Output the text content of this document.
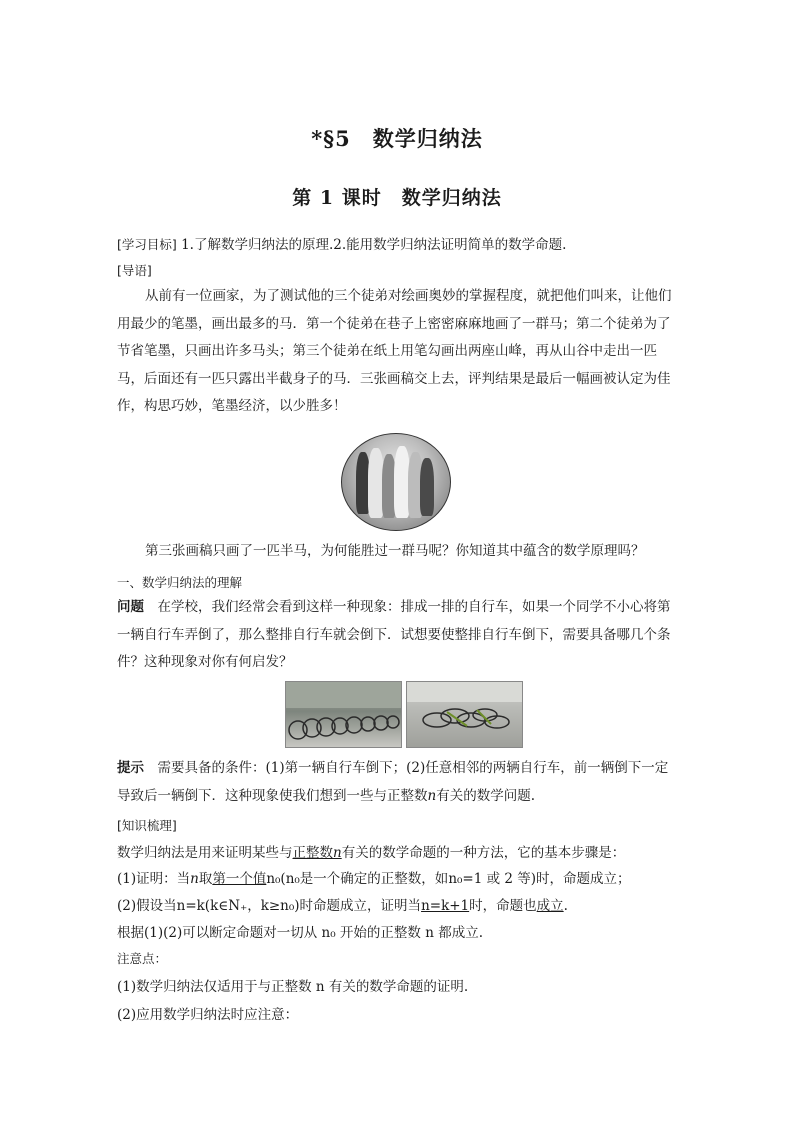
*§5　 数学归纳法
第 1 课时　数学归纳法
[学习目标] 1.了解数学归纳法的原理.2.能用数学归纳法证明简单的数学命题.
[导语]
从前有一位画家，为了测试他的三个徒弟对绘画奥妙的掌握程度，就把他们叫来，让他们用最少的笔墨，画出最多的马．第一个徒弟在巷子上密密麻麻地画了一群马；第二个徒弟为了节省笔墨，只画出许多马头；第三个徒弟在纸上用笔勾画出两座山峰，再从山谷中走出一匹马，后面还有一匹只露出半截身子的马．三张画稿交上去，评判结果是最后一幅画被认定为佳作，构思巧妙，笔墨经济，以少胜多！
第三张画稿只画了一匹半马，为何能胜过一群马呢？你知道其中蕴含的数学原理吗？
一、数学归纳法的理解
问题　 在学校，我们经常会看到这样一种现象：排成一排的自行车，如果一个同学不小心将第一辆自行车弄倒了，那么整排自行车就会倒下．试想要使整排自行车倒下，需要具备哪几个条件？这种现象对你有何启发？
提示　 需要具备的条件：(1)第一辆自行车倒下；(2)任意相邻的两辆自行车，前一辆倒下一定导致后一辆倒下．这种现象使我们想到一些与正整数n有关的数学问题.
[知识梳理]
数学归纳法是用来证明某些与正整数n有关的数学命题的一种方法，它的基本步骤是：
(1)证明：当n取第一个值n₀(n₀是一个确定的正整数，如n₀=1 或 2 等)时，命题成立；
(2)假设当n=k(k∈N₊，k≥n₀)时命题成立，证明当n=k+1时，命题也成立.
根据(1)(2)可以断定命题对一切从 n₀ 开始的正整数 n 都成立.
注意点：
(1)数学归纳法仅适用于与正整数 n 有关的数学命题的证明.
(2)应用数学归纳法时应注意：
